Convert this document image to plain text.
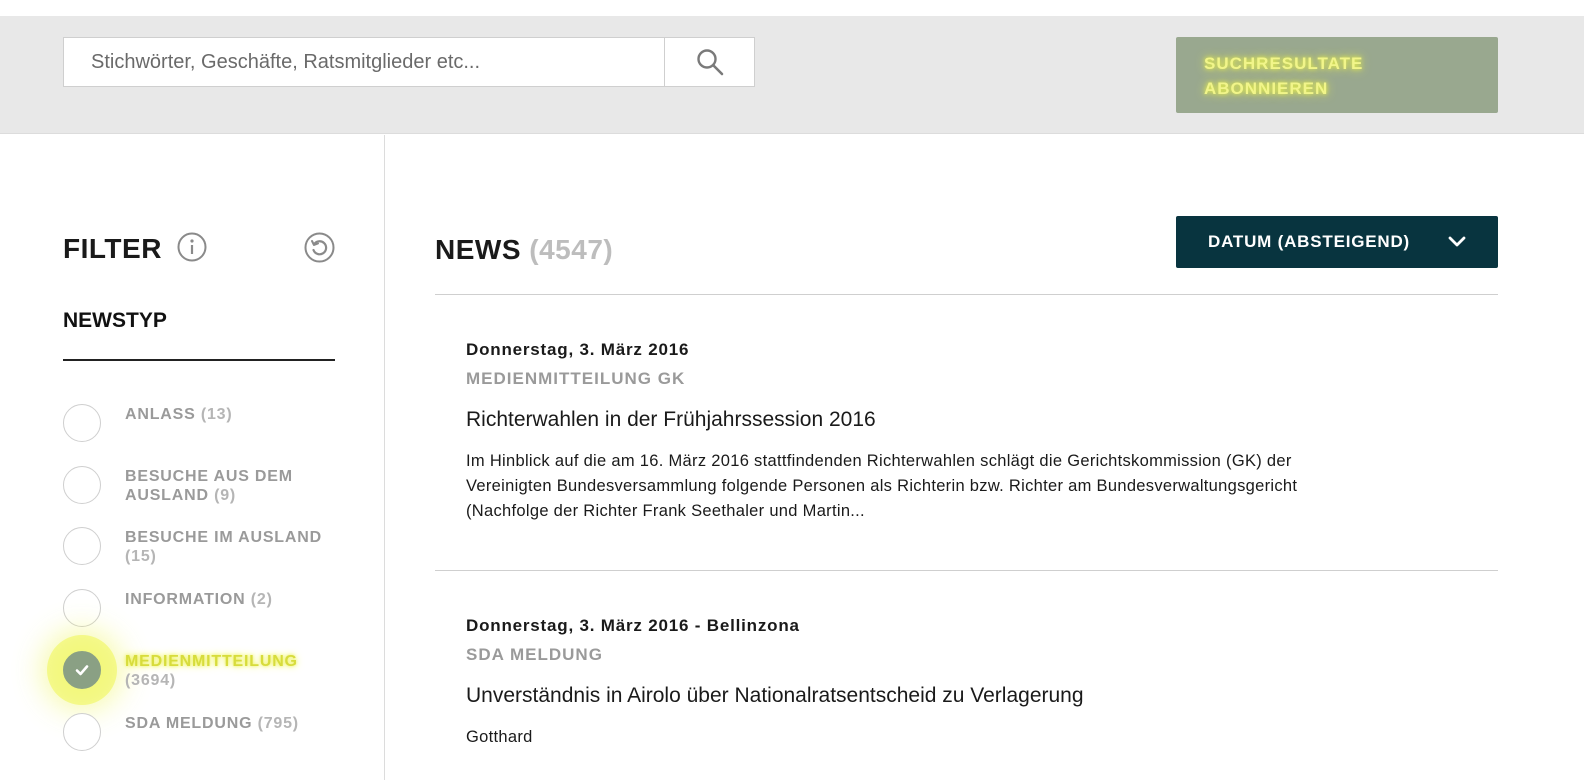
Stichwörter, Geschäfte, Ratsmitglieder etc...
SUCHRESULTATE
ABONNIEREN
FILTER
NEWSTYP
ANLASS (13)
BESUCHE AUS DEM AUSLAND (9)
BESUCHE IM AUSLAND (15)
INFORMATION (2)
MEDIENMITTEILUNG
(3694)
SDA MELDUNG (795)
NEWS (4547)	DATUM (ABSTEIGEND)
Donnerstag, 3. März 2016
MEDIENMITTEILUNG GK
Richterwahlen in der Frühjahrssession 2016
Im Hinblick auf die am 16. März 2016 stattfindenden Richterwahlen schlägt die Gerichtskommission (GK) der Vereinigten Bundesversammlung folgende Personen als Richterin bzw. Richter am Bundesverwaltungsgericht (Nachfolge der Richter Frank Seethaler und Martin...
Donnerstag, 3. März 2016 - Bellinzona
SDA MELDUNG
Unverständnis in Airolo über Nationalratsentscheid zu Verlagerung
Gotthard
